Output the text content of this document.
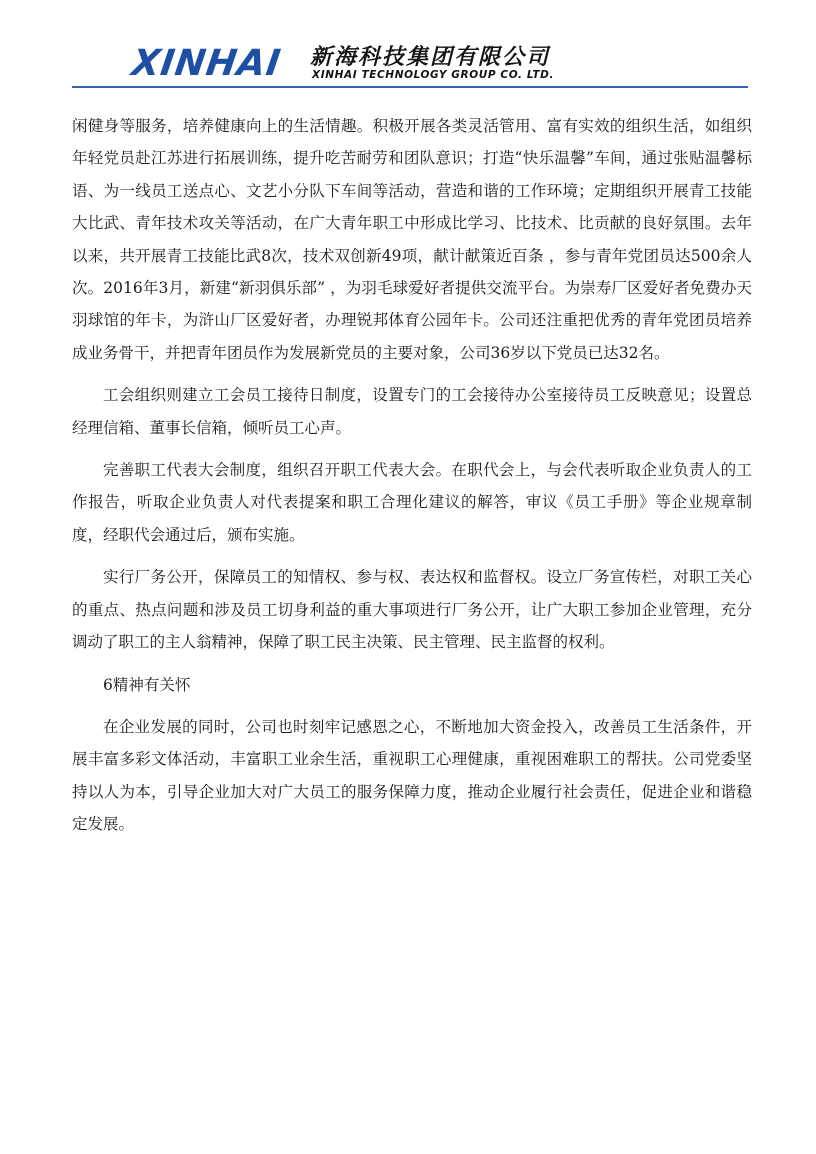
XINHAI 新海科技集团有限公司
XINHAI TECHNOLOGY GROUP CO. LTD.

闲健身等服务，培养健康向上的生活情趣。积极开展各类灵活管用、富有实效的组织生活，如组织年轻党员赴江苏进行拓展训练，提升吃苦耐劳和团队意识；打造“快乐温馨”车间，通过张贴温馨标语、为一线员工送点心、文艺小分队下车间等活动，营造和谐的工作环境；定期组织开展青工技能大比武、青年技术攻关等活动，在广大青年职工中形成比学习、比技术、比贡献的良好氛围。去年以来，共开展青工技能比武8次，技术双创新49项，献计献策近百条 ，参与青年党团员达500余人次。2016年3月，新建“新羽俱乐部” ，为羽毛球爱好者提供交流平台。为崇寿厂区爱好者免费办天羽球馆的年卡，为浒山厂区爱好者，办理锐邦体育公园年卡。公司还注重把优秀的青年党团员培养成业务骨干，并把青年团员作为发展新党员的主要对象，公司36岁以下党员已达32名。

工会组织则建立工会员工接待日制度，设置专门的工会接待办公室接待员工反映意见；设置总经理信箱、董事长信箱，倾听员工心声。

完善职工代表大会制度，组织召开职工代表大会。在职代会上，与会代表听取企业负责人的工作报告，听取企业负责人对代表提案和职工合理化建议的解答，审议《员工手册》等企业规章制度，经职代会通过后，颁布实施。

实行厂务公开，保障员工的知情权、参与权、表达权和监督权。设立厂务宣传栏，对职工关心的重点、热点问题和涉及员工切身利益的重大事项进行厂务公开，让广大职工参加企业管理，充分调动了职工的主人翁精神，保障了职工民主决策、民主管理、民主监督的权利。

6精神有关怀

在企业发展的同时，公司也时刻牢记感恩之心，不断地加大资金投入，改善员工生活条件，开展丰富多彩文体活动，丰富职工业余生活，重视职工心理健康，重视困难职工的帮扶。公司党委坚持以人为本，引导企业加大对广大员工的服务保障力度，推动企业履行社会责任，促进企业和谐稳定发展。
